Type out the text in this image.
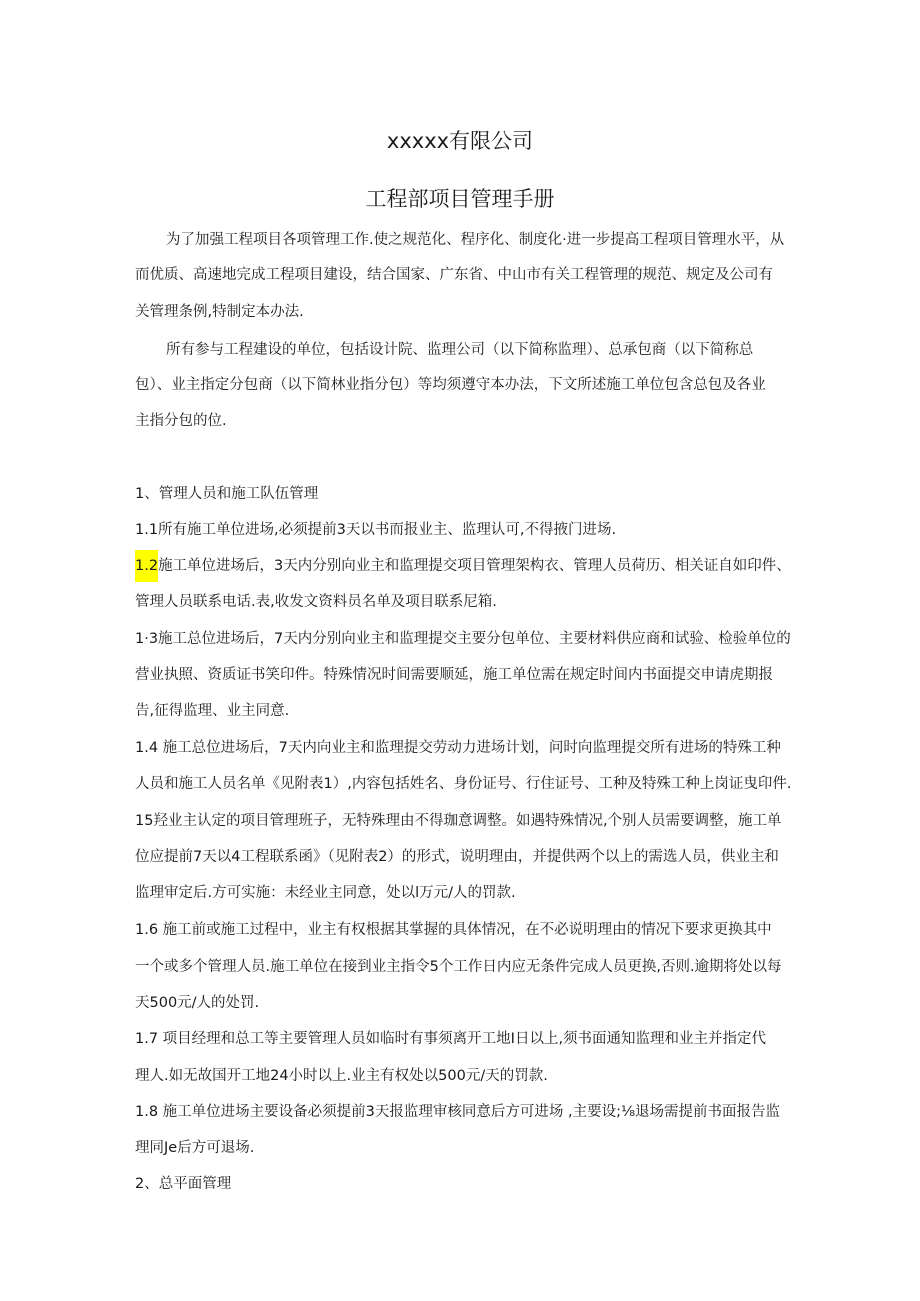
xxxxx有限公司
工程部项目管理手册
为了加强工程项目各项管理工作.使之规范化、程序化、制度化·进一步提高工程项目管理水平，从
而优质、高速地完成工程项目建设，结合国家、广东省、中山市有关工程管理的规范、规定及公司有
关管理条例,特制定本办法.
所有参与工程建设的单位，包括设计院、监理公司（以下简称监理）、总承包商（以下简称总
包）、业主指定分包商（以下简林业指分包）等均须遵守本办法，下文所述施工单位包含总包及各业
主指分包的位.
1、管理人员和施工队伍管理
1.1所有施工单位进场,必须提前3天以书而报业主、监理认可,不得掖门进场.
1.2施工单位进场后，3天内分别向业主和监理提交项目管理架构衣、管理人员荷历、相关证自如印件、
管理人员联系电话.表,收发文资料员名单及项目联系尼箱.
1·3施工总位进场后，7天内分别向业主和监理提交主要分包单位、主要材料供应商和试验、检验单位的
营业执照、资质证书笑印件。特殊情况时间需要顺延，施工单位需在规定时间内书面提交申请虎期报
告,征得监理、业主同意.
1.4 施工总位进场后，7天内向业主和监理提交劳动力进场计划，问时向监理提交所有进场的特殊工种
人员和施工人员名单《见附表1）,内容包括姓名、身份证号、行住证号、工种及特殊工种上岗证曳印件.
15羟业主认定的项目管理班子，无特殊理由不得珈意调整。如遇特殊情况,个别人员需要调整，施工单
位应提前7天以4工程联系函》（见附表2）的形式，说明理由，并提供两个以上的需选人员，供业主和
监理审定后.方可实施：未经业主同意，处以l万元/人的罚款.
1.6 施工前或施工过程中，业主有权根据其掌握的具体情况，在不必说明理由的情况下要求更换其中
一个或多个管理人员.施工单位在接到业主指令5个工作日内应无条件完成人员更换,否则.逾期将处以每
天500元/人的处罚.
1.7 项目经理和总工等主要管理人员如临时有事须离开工地I日以上,须书面通知监理和业主并指定代
理人.如无故国开工地24小时以上.业主有权处以500元/天的罚款.
1.8 施工单位进场主要设备必须提前3天报监理审核同意后方可进场 ,主要设;⅛退场需提前书面报告监
理同Je后方可退场.
2、总平面管理
